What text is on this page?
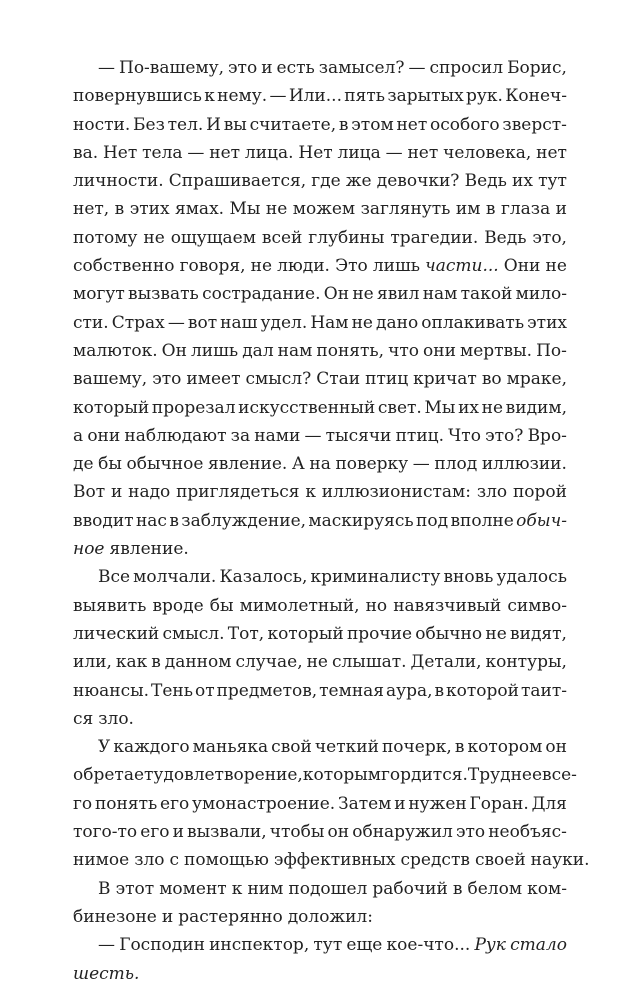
— По-вашему, это и есть замысел? — спросил Борис,
повернувшись к нему. — Или... пять зарытых рук. Конеч-
ности. Без тел. И вы считаете, в этом нет особого зверст-
ва. Нет тела — нет лица. Нет лица — нет человека, нет
личности. Спрашивается, где же девочки? Ведь их тут
нет, в этих ямах. Мы не можем заглянуть им в глаза и
потому не ощущаем всей глубины трагедии. Ведь это,
собственно говоря, не люди. Это лишь части... Они не
могут вызвать сострадание. Он не явил нам такой мило-
сти. Страх — вот наш удел. Нам не дано оплакивать этих
малюток. Он лишь дал нам понять, что они мертвы. По-
вашему, это имеет смысл? Стаи птиц кричат во мраке,
который прорезал искусственный свет. Мы их не видим,
а они наблюдают за нами — тысячи птиц. Что это? Вро-
де бы обычное явление. А на поверку — плод иллюзии.
Вот и надо приглядеться к иллюзионистам: зло порой
вводит нас в заблуждение, маскируясь под вполне обыч-
ное явление.
Все молчали. Казалось, криминалисту вновь удалось
выявить вроде бы мимолетный, но навязчивый симво-
лический смысл. Тот, который прочие обычно не видят,
или, как в данном случае, не слышат. Детали, контуры,
нюансы. Тень от предметов, темная аура, в которой таит-
ся зло.
У каждого маньяка свой четкий почерк, в котором он
обретает удовлетворение, которым гордится. Труднее все-
го понять его умонастроение. Затем и нужен Горан. Для
того-то его и вызвали, чтобы он обнаружил это необъяс-
нимое зло с помощью эффективных средств своей науки.
В этот момент к ним подошел рабочий в белом ком-
бинезоне и растерянно доложил:
— Господин инспектор, тут еще кое-что... Рук стало
шесть.
